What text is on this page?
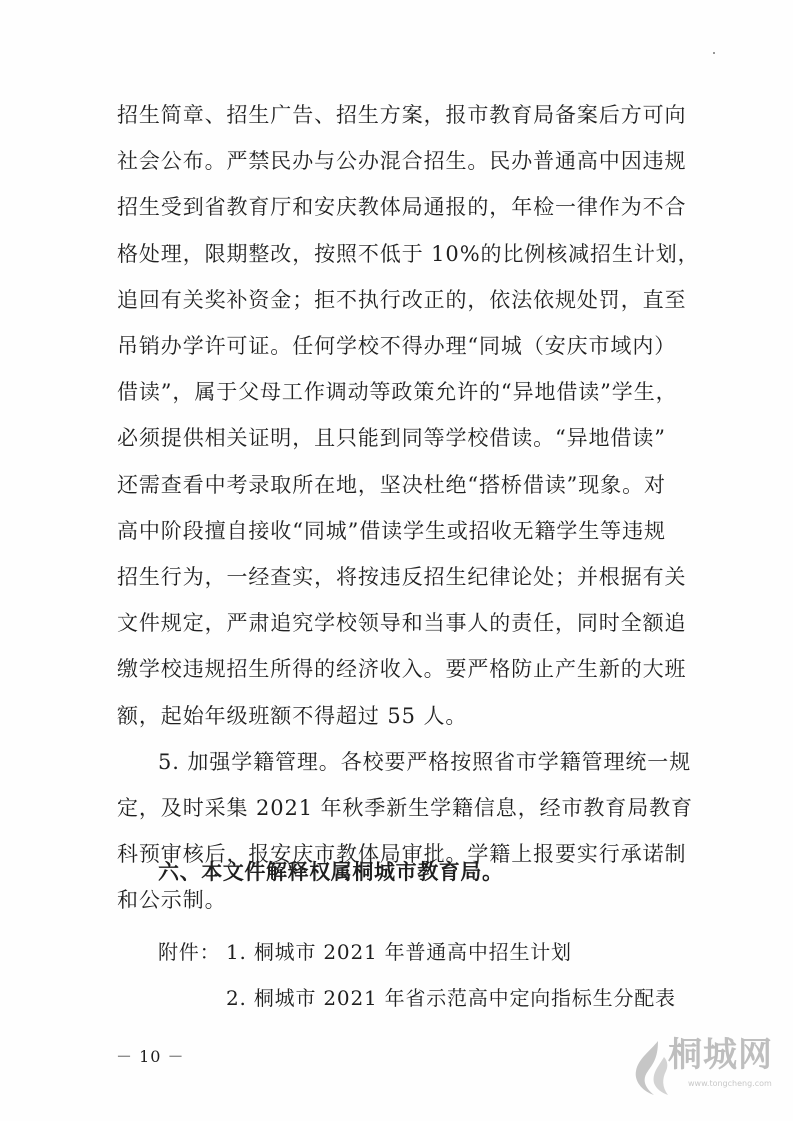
招生简章、招生广告、招生方案，报市教育局备案后方可向
社会公布。严禁民办与公办混合招生。民办普通高中因违规
招生受到省教育厅和安庆教体局通报的，年检一律作为不合
格处理，限期整改，按照不低于 10%的比例核减招生计划，
追回有关奖补资金；拒不执行改正的，依法依规处罚，直至
吊销办学许可证。任何学校不得办理“同城（安庆市域内）
借读”，属于父母工作调动等政策允许的“异地借读”学生，
必须提供相关证明，且只能到同等学校借读。“异地借读”
还需查看中考录取所在地，坚决杜绝“搭桥借读”现象。对
高中阶段擅自接收“同城”借读学生或招收无籍学生等违规
招生行为，一经查实，将按违反招生纪律论处；并根据有关
文件规定，严肃追究学校领导和当事人的责任，同时全额追
缴学校违规招生所得的经济收入。要严格防止产生新的大班
额，起始年级班额不得超过 55 人。
5. 加强学籍管理。各校要严格按照省市学籍管理统一规
定，及时采集 2021 年秋季新生学籍信息，经市教育局教育
科预审核后，报安庆市教体局审批。学籍上报要实行承诺制
和公示制。
六、本文件解释权属桐城市教育局。
附件： 1. 桐城市 2021 年普通高中招生计划
2. 桐城市 2021 年省示范高中定向指标生分配表
－ 10 －	桐城网
www.tongcheng.com
